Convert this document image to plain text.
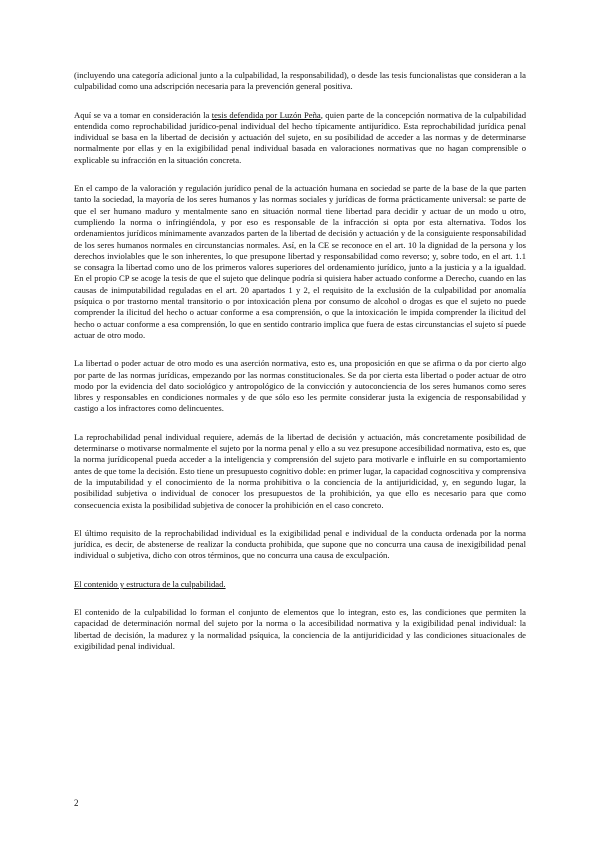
(incluyendo una categoría adicional junto a la culpabilidad, la responsabilidad), o desde las tesis funcionalistas que consideran a la culpabilidad como una adscripción necesaria para la prevención general positiva.

Aquí se va a tomar en consideración la tesis defendida por Luzón Peña, quien parte de la concepción normativa de la culpabilidad entendida como reprochabilidad jurídico-penal individual del hecho típicamente antijurídico. Esta reprochabilidad jurídica penal individual se basa en la libertad de decisión y actuación del sujeto, en su posibilidad de acceder a las normas y de determinarse normalmente por ellas y en la exigibilidad penal individual basada en valoraciones normativas que no hagan comprensible o explicable su infracción en la situación concreta.

En el campo de la valoración y regulación jurídico penal de la actuación humana en sociedad se parte de la base de la que parten tanto la sociedad, la mayoría de los seres humanos y las normas sociales y jurídicas de forma prácticamente universal: se parte de que el ser humano maduro y mentalmente sano en situación normal tiene libertad para decidir y actuar de un modo u otro, cumpliendo la norma o infringiéndola, y por eso es responsable de la infracción si opta por esta alternativa. Todos los ordenamientos jurídicos mínimamente avanzados parten de la libertad de decisión y actuación y de la consiguiente responsabilidad de los seres humanos normales en circunstancias normales. Así, en la CE se reconoce en el art. 10 la dignidad de la persona y los derechos inviolables que le son inherentes, lo que presupone libertad y responsabilidad como reverso; y, sobre todo, en el art. 1.1 se consagra la libertad como uno de los primeros valores superiores del ordenamiento jurídico, junto a la justicia y a la igualdad. En el propio CP se acoge la tesis de que el sujeto que delinque podría si quisiera haber actuado conforme a Derecho, cuando en las causas de inimputabilidad reguladas en el art. 20 apartados 1 y 2, el requisito de la exclusión de la culpabilidad por anomalía psíquica o por trastorno mental transitorio o por intoxicación plena por consumo de alcohol o drogas es que el sujeto no puede comprender la ilicitud del hecho o actuar conforme a esa comprensión, o que la intoxicación le impida comprender la ilicitud del hecho o actuar conforme a esa comprensión, lo que en sentido contrario implica que fuera de estas circunstancias el sujeto sí puede actuar de otro modo.

La libertad o poder actuar de otro modo es una aserción normativa, esto es, una proposición en que se afirma o da por cierto algo por parte de las normas jurídicas, empezando por las normas constitucionales. Se da por cierta esta libertad o poder actuar de otro modo por la evidencia del dato sociológico y antropológico de la convicción y autoconciencia de los seres humanos como seres libres y responsables en condiciones normales y de que sólo eso les permite considerar justa la exigencia de responsabilidad y castigo a los infractores como delincuentes.

La reprochabilidad penal individual requiere, además de la libertad de decisión y actuación, más concretamente posibilidad de determinarse o motivarse normalmente el sujeto por la norma penal y ello a su vez presupone accesibilidad normativa, esto es, que la norma jurídicopenal pueda acceder a la inteligencia y comprensión del sujeto para motivarle e influirle en su comportamiento antes de que tome la decisión. Esto tiene un presupuesto cognitivo doble: en primer lugar, la capacidad cognoscitiva y comprensiva de la imputabilidad y el conocimiento de la norma prohibitiva o la conciencia de la antijuridicidad, y, en segundo lugar, la posibilidad subjetiva o individual de conocer los presupuestos de la prohibición, ya que ello es necesario para que como consecuencia exista la posibilidad subjetiva de conocer la prohibición en el caso concreto.

El último requisito de la reprochabilidad individual es la exigibilidad penal e individual de la conducta ordenada por la norma jurídica, es decir, de abstenerse de realizar la conducta prohibida, que supone que no concurra una causa de inexigibilidad penal individual o subjetiva, dicho con otros términos, que no concurra una causa de exculpación.

El contenido y estructura de la culpabilidad.

El contenido de la culpabilidad lo forman el conjunto de elementos que lo integran, esto es, las condiciones que permiten la capacidad de determinación normal del sujeto por la norma o la accesibilidad normativa y la exigibilidad penal individual: la libertad de decisión, la madurez y la normalidad psíquica, la conciencia de la antijuridicidad y las condiciones situacionales de exigibilidad penal individual.

2
